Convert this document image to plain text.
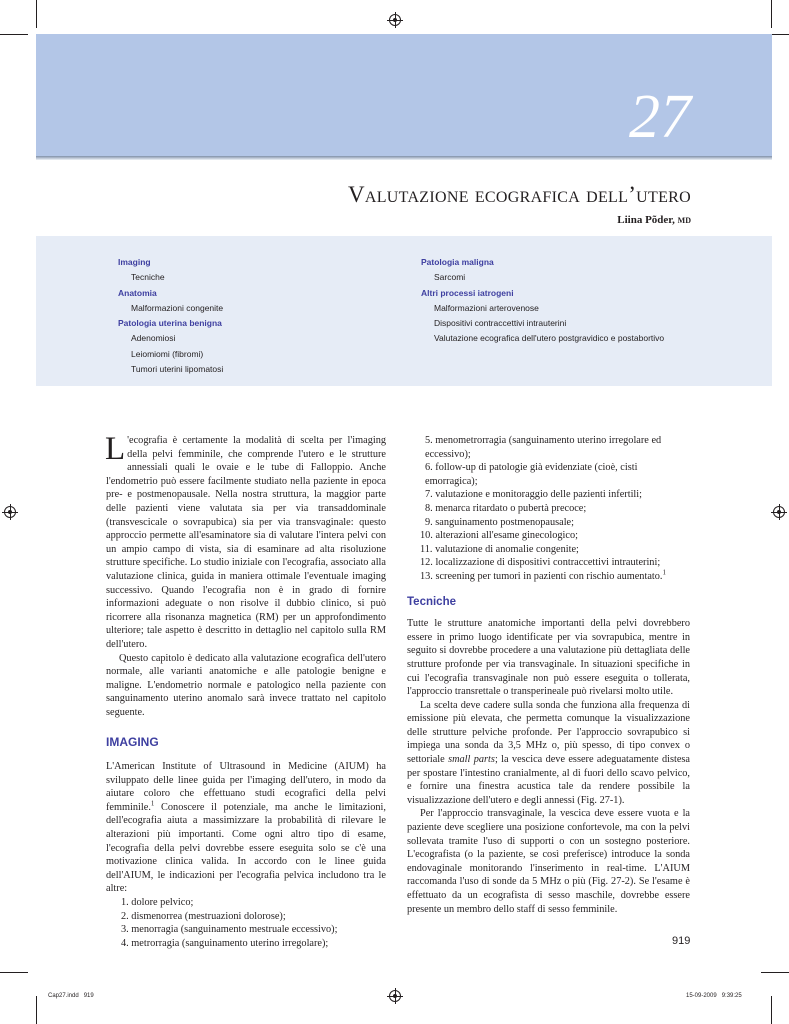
27
Valutazione ecografica dell’utero
Liina Põder, MD
Imaging
Tecniche
Anatomia
Malformazioni congenite
Patologia uterina benigna
Adenomiosi
Leiomiomi (fibromi)
Tumori uterini lipomatosi
Patologia maligna
Sarcomi
Altri processi iatrogeni
Malformazioni arterovenose
Dispositivi contraccettivi intrauterini
Valutazione ecografica dell'utero postgravidico e postabortivo

L 'ecografia è certamente la modalità di scelta per l'imaging della pelvi femminile, che comprende l'utero e le strutture annessiali quali le ovaie e le tube di Falloppio. Anche l'endometrio può essere facilmente studiato nella paziente in epoca pre- e postmenopausale. Nella nostra struttura, la maggior parte delle pazienti viene valutata sia per via transaddominale (transvescicale o sovrapubica) sia per via transvaginale: questo approccio permette all'esaminatore sia di valutare l'intera pelvi con un ampio campo di vista, sia di esaminare ad alta risoluzione strutture specifiche. Lo studio iniziale con l'ecografia, associato alla valutazione clinica, guida in maniera ottimale l'eventuale imaging successivo. Quando l'ecografia non è in grado di fornire informazioni adeguate o non risolve il dubbio clinico, si può ricorrere alla risonanza magnetica (RM) per un approfondimento ulteriore; tale aspetto è descritto in dettaglio nel capitolo sulla RM dell'utero.

Questo capitolo è dedicato alla valutazione ecografica dell'utero normale, alle varianti anatomiche e alle patologie benigne e maligne. L'endometrio normale e patologico nella paziente con sanguinamento uterino anomalo sarà invece trattato nel capitolo seguente.

IMAGING

L'American Institute of Ultrasound in Medicine (AIUM) ha sviluppato delle linee guida per l'imaging dell'utero, in modo da aiutare coloro che effettuano studi ecografici della pelvi femminile.$^1$ Conoscere il potenziale, ma anche le limitazioni, dell'ecografia aiuta a massimizzare la probabilità di rilevare le alterazioni più importanti. Come ogni altro tipo di esame, l'ecografia della pelvi dovrebbe essere eseguita solo se c'è una motivazione clinica valida. In accordo con le linee guida dell'AIUM, le indicazioni per l'ecografia pelvica includono tra le altre:

1. dolore pelvico;
2. dismenorrea (mestruazioni dolorose);
3. menorragia (sanguinamento mestruale eccessivo);
4. metrorragia (sanguinamento uterino irregolare);
5. menometrorragia (sanguinamento uterino irregolare ed eccessivo);
6. follow-up di patologie già evidenziate (cioè, cisti emorragica);
7. valutazione e monitoraggio delle pazienti infertili;
8. menarca ritardato o pubertà precoce;
9. sanguinamento postmenopausale;
10. alterazioni all'esame ginecologico;
11. valutazione di anomalie congenite;
12. localizzazione di dispositivi contraccettivi intrauterini;
13. screening per tumori in pazienti con rischio aumentato.$^1$
Tecniche

Tutte le strutture anatomiche importanti della pelvi dovrebbero essere in primo luogo identificate per via sovrapubica, mentre in seguito si dovrebbe procedere a una valutazione più dettagliata delle strutture profonde per via transvaginale. In situazioni specifiche in cui l'ecografia transvaginale non può essere eseguita o tollerata, l'approccio transrettale o transperineale può rivelarsi molto utile.

La scelta deve cadere sulla sonda che funziona alla frequenza di emissione più elevata, che permetta comunque la visualizzazione delle strutture pelviche profonde. Per l'approccio sovrapubico si impiega una sonda da 3,5 MHz o, più spesso, di tipo convex o settoriale small parts; la vescica deve essere adeguatamente distesa per spostare l'intestino cranialmente, al di fuori dello scavo pelvico, e fornire una finestra acustica tale da rendere possibile la visualizzazione dell'utero e degli annessi (Fig. 27-1).

Per l'approccio transvaginale, la vescica deve essere vuota e la paziente deve scegliere una posizione confortevole, ma con la pelvi sollevata tramite l'uso di supporti o con un sostegno posteriore. L'ecografista (o la paziente, se così preferisce) introduce la sonda endovaginale monitorando l'inserimento in real-time. L'AIUM raccomanda l'uso di sonde da 5 MHz o più (Fig. 27-2). Se l'esame è effettuato da un ecografista di sesso maschile, dovrebbe essere presente un membro dello staff di sesso femminile.

919
Cap27.indd   919	15-09-2009   9:39:25
